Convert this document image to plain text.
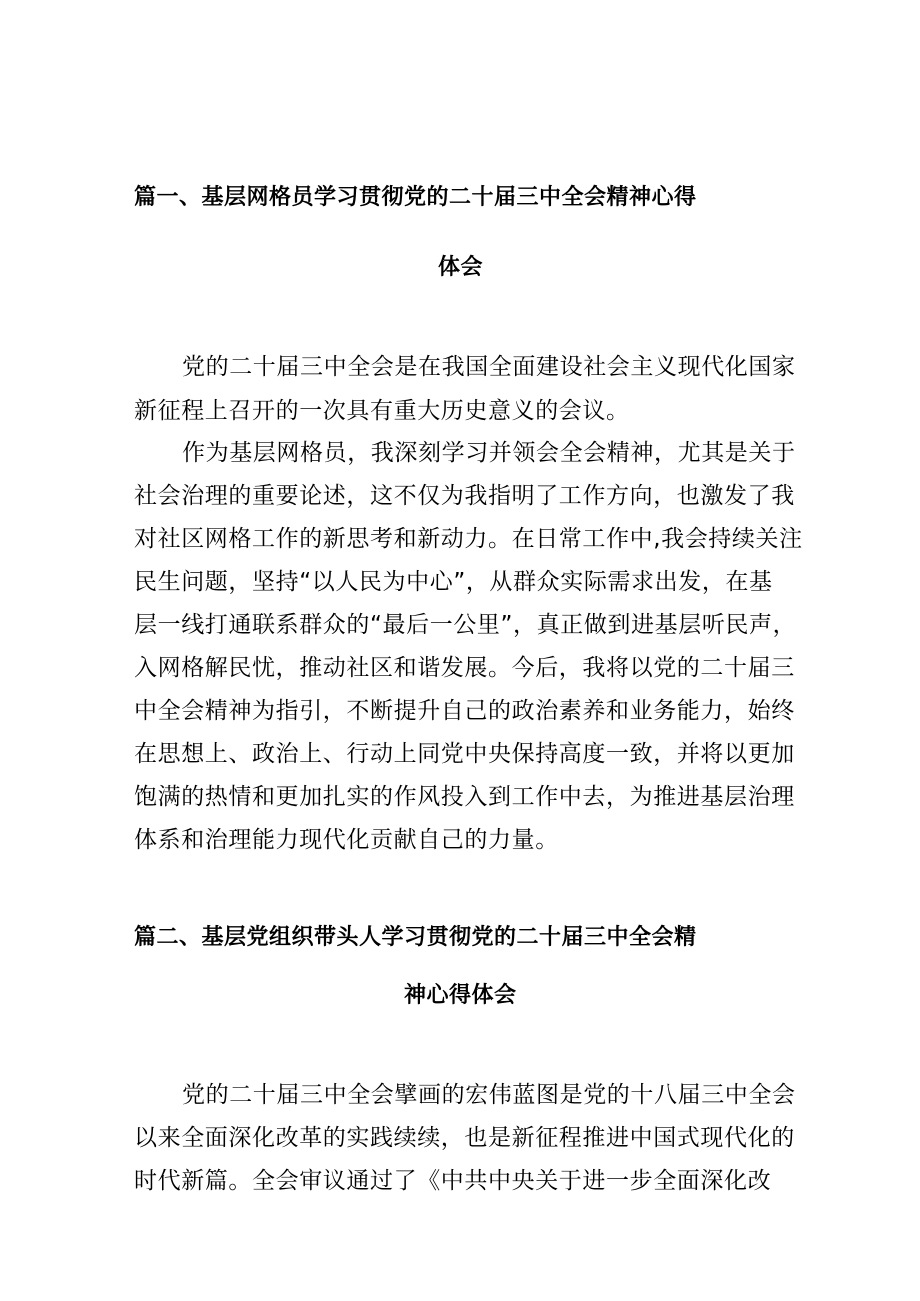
篇一、基层网格员学习贯彻党的二十届三中全会精神心得
体会
党的二十届三中全会是在我国全面建设社会主义现代化国家
新征程上召开的一次具有重大历史意义的会议。
作为基层网格员，我深刻学习并领会全会精神，尤其是关于
社会治理的重要论述，这不仅为我指明了工作方向，也激发了我
对社区网格工作的新思考和新动力。在日常工作中,我会持续关注
民生问题，坚持“以人民为中心”，从群众实际需求出发，在基
层一线打通联系群众的“最后一公里”，真正做到进基层听民声，
入网格解民忧，推动社区和谐发展。今后，我将以党的二十届三
中全会精神为指引，不断提升自己的政治素养和业务能力，始终
在思想上、政治上、行动上同党中央保持高度一致，并将以更加
饱满的热情和更加扎实的作风投入到工作中去，为推进基层治理
体系和治理能力现代化贡献自己的力量。
篇二、基层党组织带头人学习贯彻党的二十届三中全会精
神心得体会
党的二十届三中全会擘画的宏伟蓝图是党的十八届三中全会
以来全面深化改革的实践续续，也是新征程推进中国式现代化的
时代新篇。全会审议通过了《中共中央关于进一步全面深化改
